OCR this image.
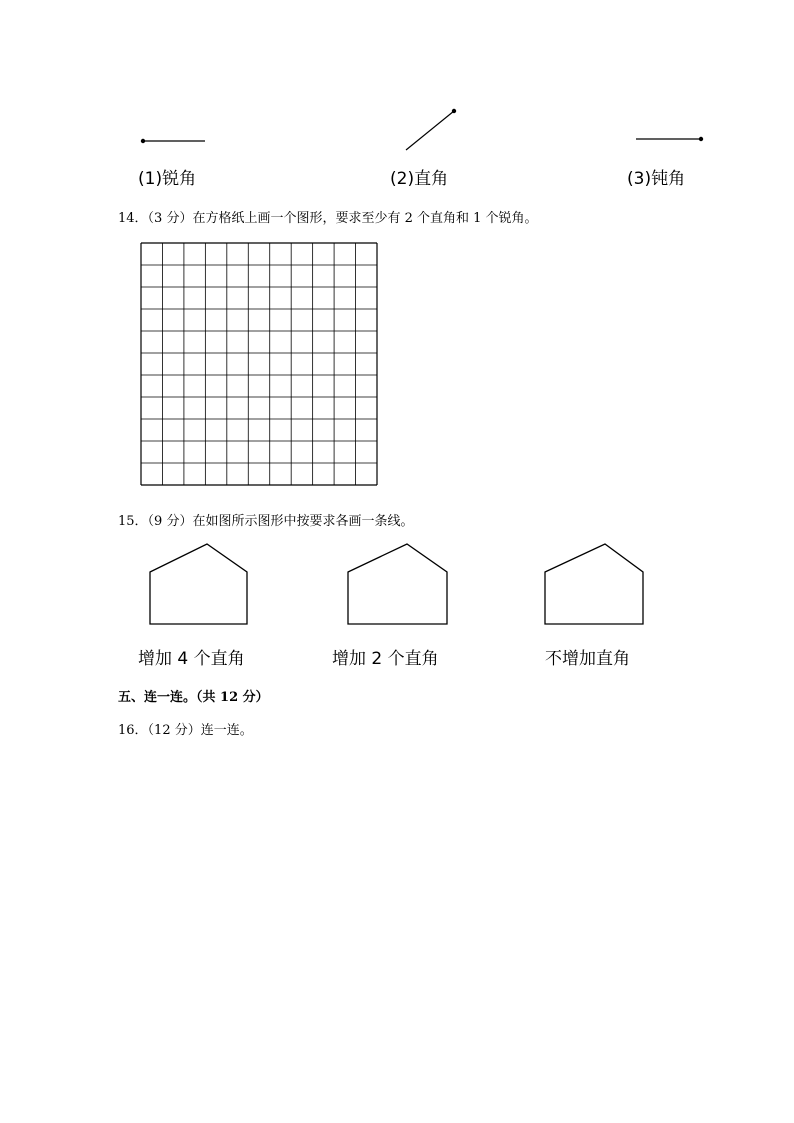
(1)锐角	(2)直角	(3)钝角
14．（3 分）在方格纸上画一个图形，要求至少有 2 个直角和 1 个锐角。
15．（9 分）在如图所示图形中按要求各画一条线。
增加 4 个直角	增加 2 个直角	不增加直角
五、连一连。（共 12 分）
16．（12 分）连一连。
